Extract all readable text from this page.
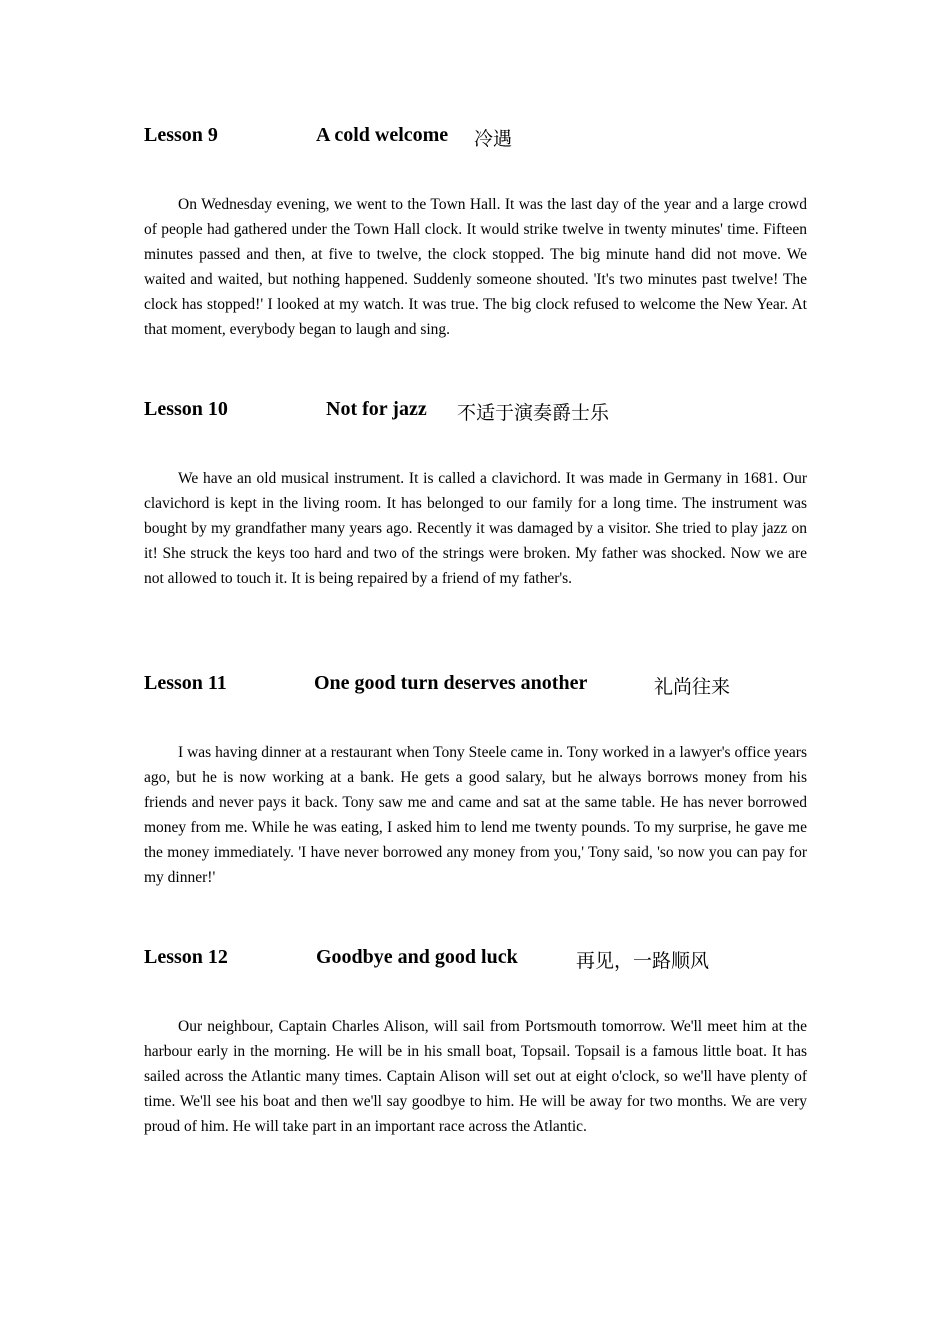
Lesson 9	A cold welcome 冷遇

On Wednesday evening, we went to the Town Hall. It was the last day of the year and a large crowd of people had gathered under the Town Hall clock. It would strike twelve in twenty minutes' time. Fifteen minutes passed and then, at five to twelve, the clock stopped. The big minute hand did not move. We waited and waited, but nothing happened. Suddenly someone shouted. 'It's two minutes past twelve! The clock has stopped!' I looked at my watch. It was true. The big clock refused to welcome the New Year. At that moment, everybody began to laugh and sing.

Lesson 10	Not for jazz 不适于演奏爵士乐

We have an old musical instrument. It is called a clavichord. It was made in Germany in 1681. Our clavichord is kept in the living room. It has belonged to our family for a long time. The instrument was bought by my grandfather many years ago. Recently it was damaged by a visitor. She tried to play jazz on it! She struck the keys too hard and two of the strings were broken. My father was shocked. Now we are not allowed to touch it. It is being repaired by a friend of my father's.

Lesson 11	One good turn deserves another	礼尚往来

I was having dinner at a restaurant when Tony Steele came in. Tony worked in a lawyer's office years ago, but he is now working at a bank. He gets a good salary, but he always borrows money from his friends and never pays it back. Tony saw me and came and sat at the same table. He has never borrowed money from me. While he was eating, I asked him to lend me twenty pounds. To my surprise, he gave me the money immediately. 'I have never borrowed any money from you,' Tony said, 'so now you can pay for my dinner!'

Lesson 12	Goodbye and good luck	再见，一路顺风

Our neighbour, Captain Charles Alison, will sail from Portsmouth tomorrow. We'll meet him at the harbour early in the morning. He will be in his small boat, Topsail. Topsail is a famous little boat. It has sailed across the Atlantic many times. Captain Alison will set out at eight o'clock, so we'll have plenty of time. We'll see his boat and then we'll say goodbye to him. He will be away for two months. We are very proud of him. He will take part in an important race across the Atlantic.
